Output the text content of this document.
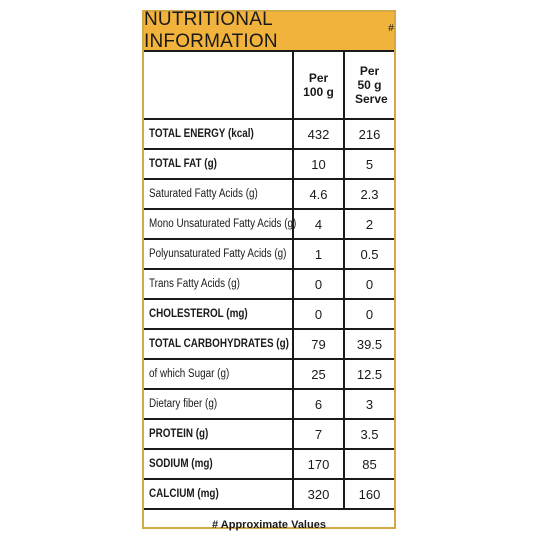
NUTRITIONAL INFORMATION
#
	Per 100 g	Per 50 g Serve
TOTAL ENERGY (kcal)	432	216
TOTAL FAT (g)	10	5
Saturated Fatty Acids (g)	4.6	2.3
Mono Unsaturated Fatty Acids (g)	4	2
Polyunsaturated Fatty Acids (g)	1	0.5
Trans Fatty Acids (g)	0	0
CHOLESTEROL (mg)	0	0
TOTAL CARBOHYDRATES (g)	79	39.5
of which Sugar (g)	25	12.5
Dietary fiber (g)	6	3
PROTEIN (g)	7	3.5
SODIUM (mg)	170	85
CALCIUM (mg)	320	160
# Approximate Values
